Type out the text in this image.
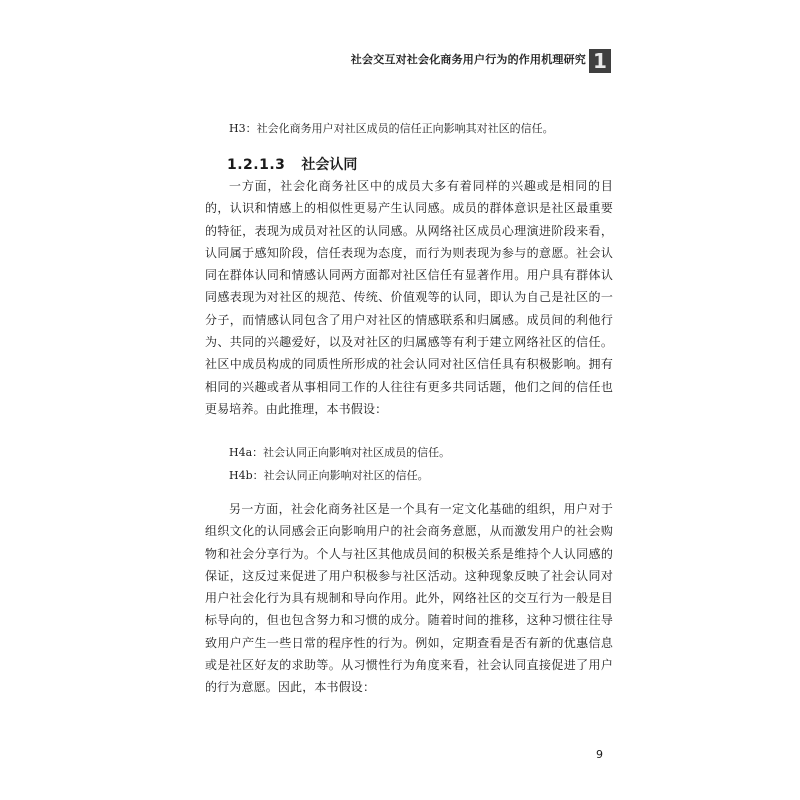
社会交互对社会化商务用户行为的作用机理研究 1
H3：社会化商务用户对社区成员的信任正向影响其对社区的信任。
1.2.1.3 社会认同

一方面，社会化商务社区中的成员大多有着同样的兴趣或是相同的目的，认识和情感上的相似性更易产生认同感。成员的群体意识是社区最重要的特征，表现为成员对社区的认同感。从网络社区成员心理演进阶段来看，认同属于感知阶段，信任表现为态度，而行为则表现为参与的意愿。社会认同在群体认同和情感认同两方面都对社区信任有显著作用。用户具有群体认同感表现为对社区的规范、传统、价值观等的认同，即认为自己是社区的一分子，而情感认同包含了用户对社区的情感联系和归属感。成员间的利他行为、共同的兴趣爱好，以及对社区的归属感等有利于建立网络社区的信任。社区中成员构成的同质性所形成的社会认同对社区信任具有积极影响。拥有相同的兴趣或者从事相同工作的人往往有更多共同话题，他们之间的信任也更易培养。由此推理，本书假设：

H4a：社会认同正向影响对社区成员的信任。
H4b：社会认同正向影响对社区的信任。

另一方面，社会化商务社区是一个具有一定文化基础的组织，用户对于组织文化的认同感会正向影响用户的社会商务意愿，从而激发用户的社会购物和社会分享行为。个人与社区其他成员间的积极关系是维持个人认同感的保证，这反过来促进了用户积极参与社区活动。这种现象反映了社会认同对用户社会化行为具有规制和导向作用。此外，网络社区的交互行为一般是目标导向的，但也包含努力和习惯的成分。随着时间的推移，这种习惯往往导致用户产生一些日常的程序性的行为。例如，定期查看是否有新的优惠信息或是社区好友的求助等。从习惯性行为角度来看，社会认同直接促进了用户的行为意愿。因此，本书假设：

9
